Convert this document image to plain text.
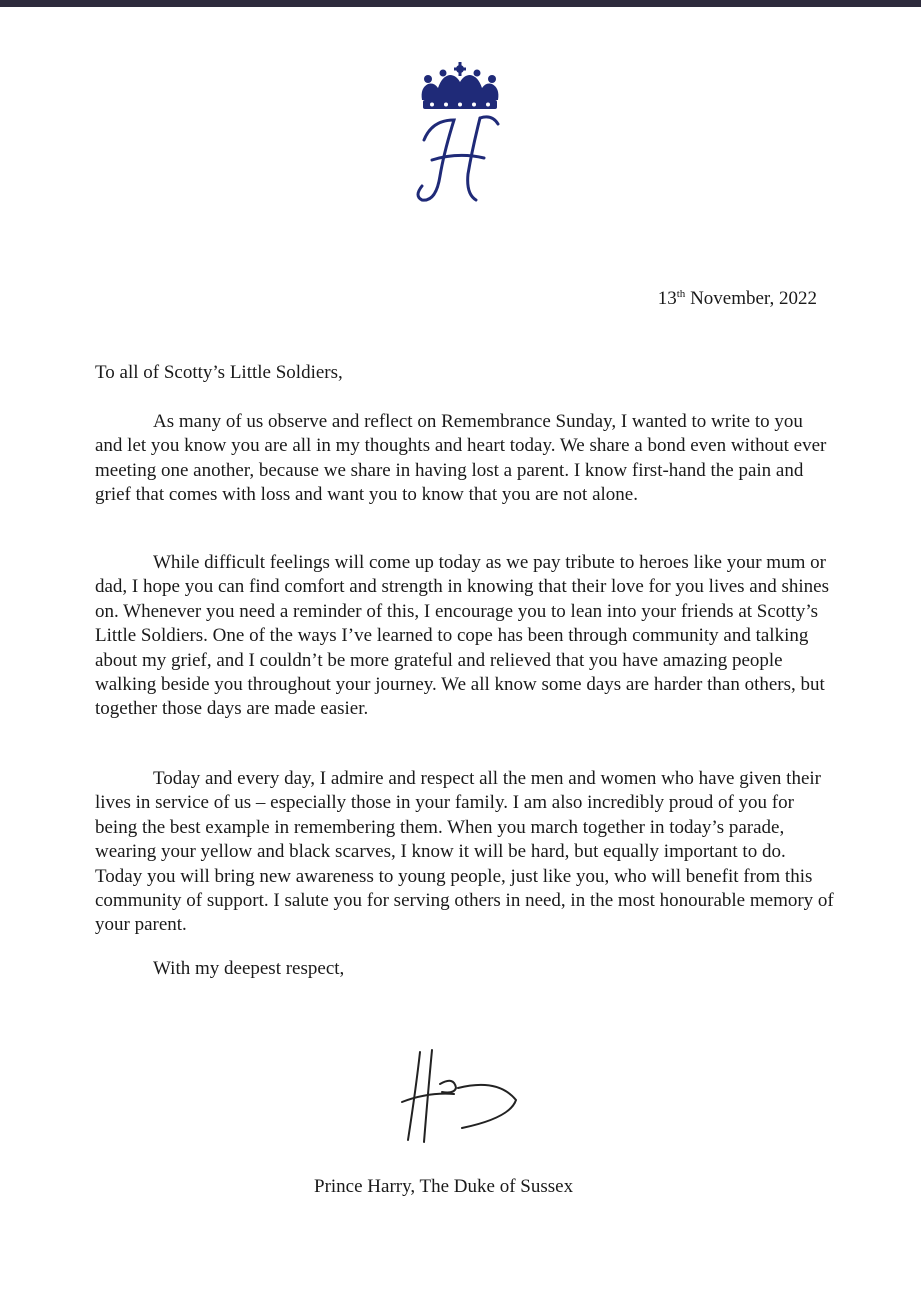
13th November, 2022
To all of Scotty’s Little Soldiers,

As many of us observe and reflect on Remembrance Sunday, I wanted to write to you and let you know you are all in my thoughts and heart today. We share a bond even without ever meeting one another, because we share in having lost a parent. I know first-hand the pain and grief that comes with loss and want you to know that you are not alone.

While difficult feelings will come up today as we pay tribute to heroes like your mum or dad, I hope you can find comfort and strength in knowing that their love for you lives and shines on. Whenever you need a reminder of this, I encourage you to lean into your friends at Scotty’s Little Soldiers. One of the ways I’ve learned to cope has been through community and talking about my grief, and I couldn’t be more grateful and relieved that you have amazing people walking beside you throughout your journey. We all know some days are harder than others, but together those days are made easier.

Today and every day, I admire and respect all the men and women who have given their lives in service of us – especially those in your family. I am also incredibly proud of you for being the best example in remembering them. When you march together in today’s parade, wearing your yellow and black scarves, I know it will be hard, but equally important to do. Today you will bring new awareness to young people, just like you, who will benefit from this community of support. I salute you for serving others in need, in the most honourable memory of your parent.

With my deepest respect,
Prince Harry, The Duke of Sussex
